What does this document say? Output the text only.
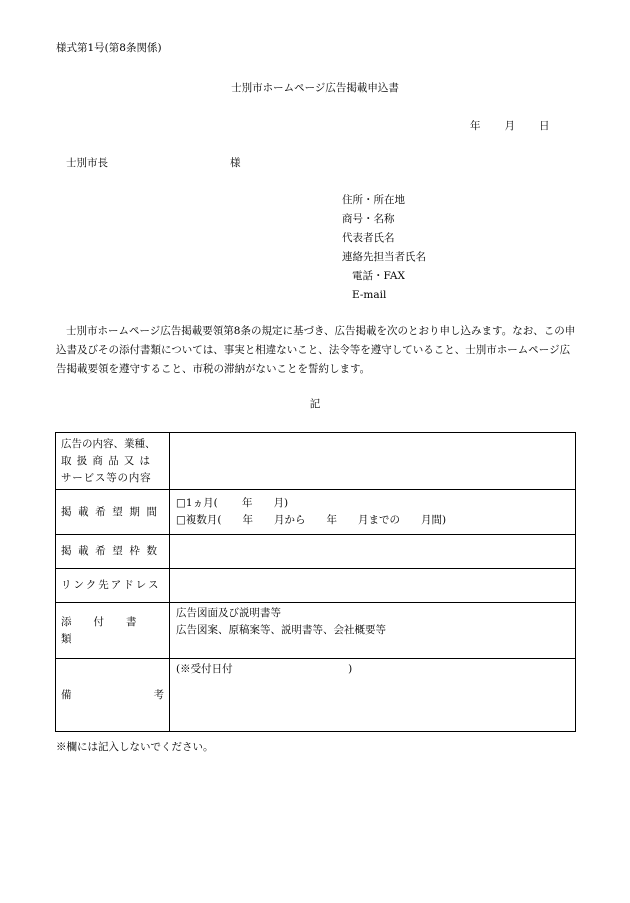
様式第1号(第8条関係)
士別市ホームページ広告掲載申込書
年 月 日
士別市長	様
住所・所在地
商号・名称
代表者氏名
連絡先担当者氏名
電話・FAX
E-mail
士別市ホームページ広告掲載要領第8条の規定に基づき、広告掲載を次のとおり申し込みます。なお、この申込書及びその添付書類については、事実と相違ないこと、法令等を遵守していること、士別市ホームページ広告掲載要領を遵守すること、市税の滞納がないことを誓約します。
記
広告の内容、業種、
取扱商品又は
サービス等の内容	

掲載希望期間	□1ヵ月(　　 年　　月)
□複数月(　　年　　月から　　年　　月までの　　月間)

掲載希望枠数	
リンク先アドレス	
添付書類	広告図面及び説明書等
広告図案、原稿案等、説明書等、会社概要等

備 考	(※受付日付　　　　　　　　　　　)
※欄には記入しないでください。
